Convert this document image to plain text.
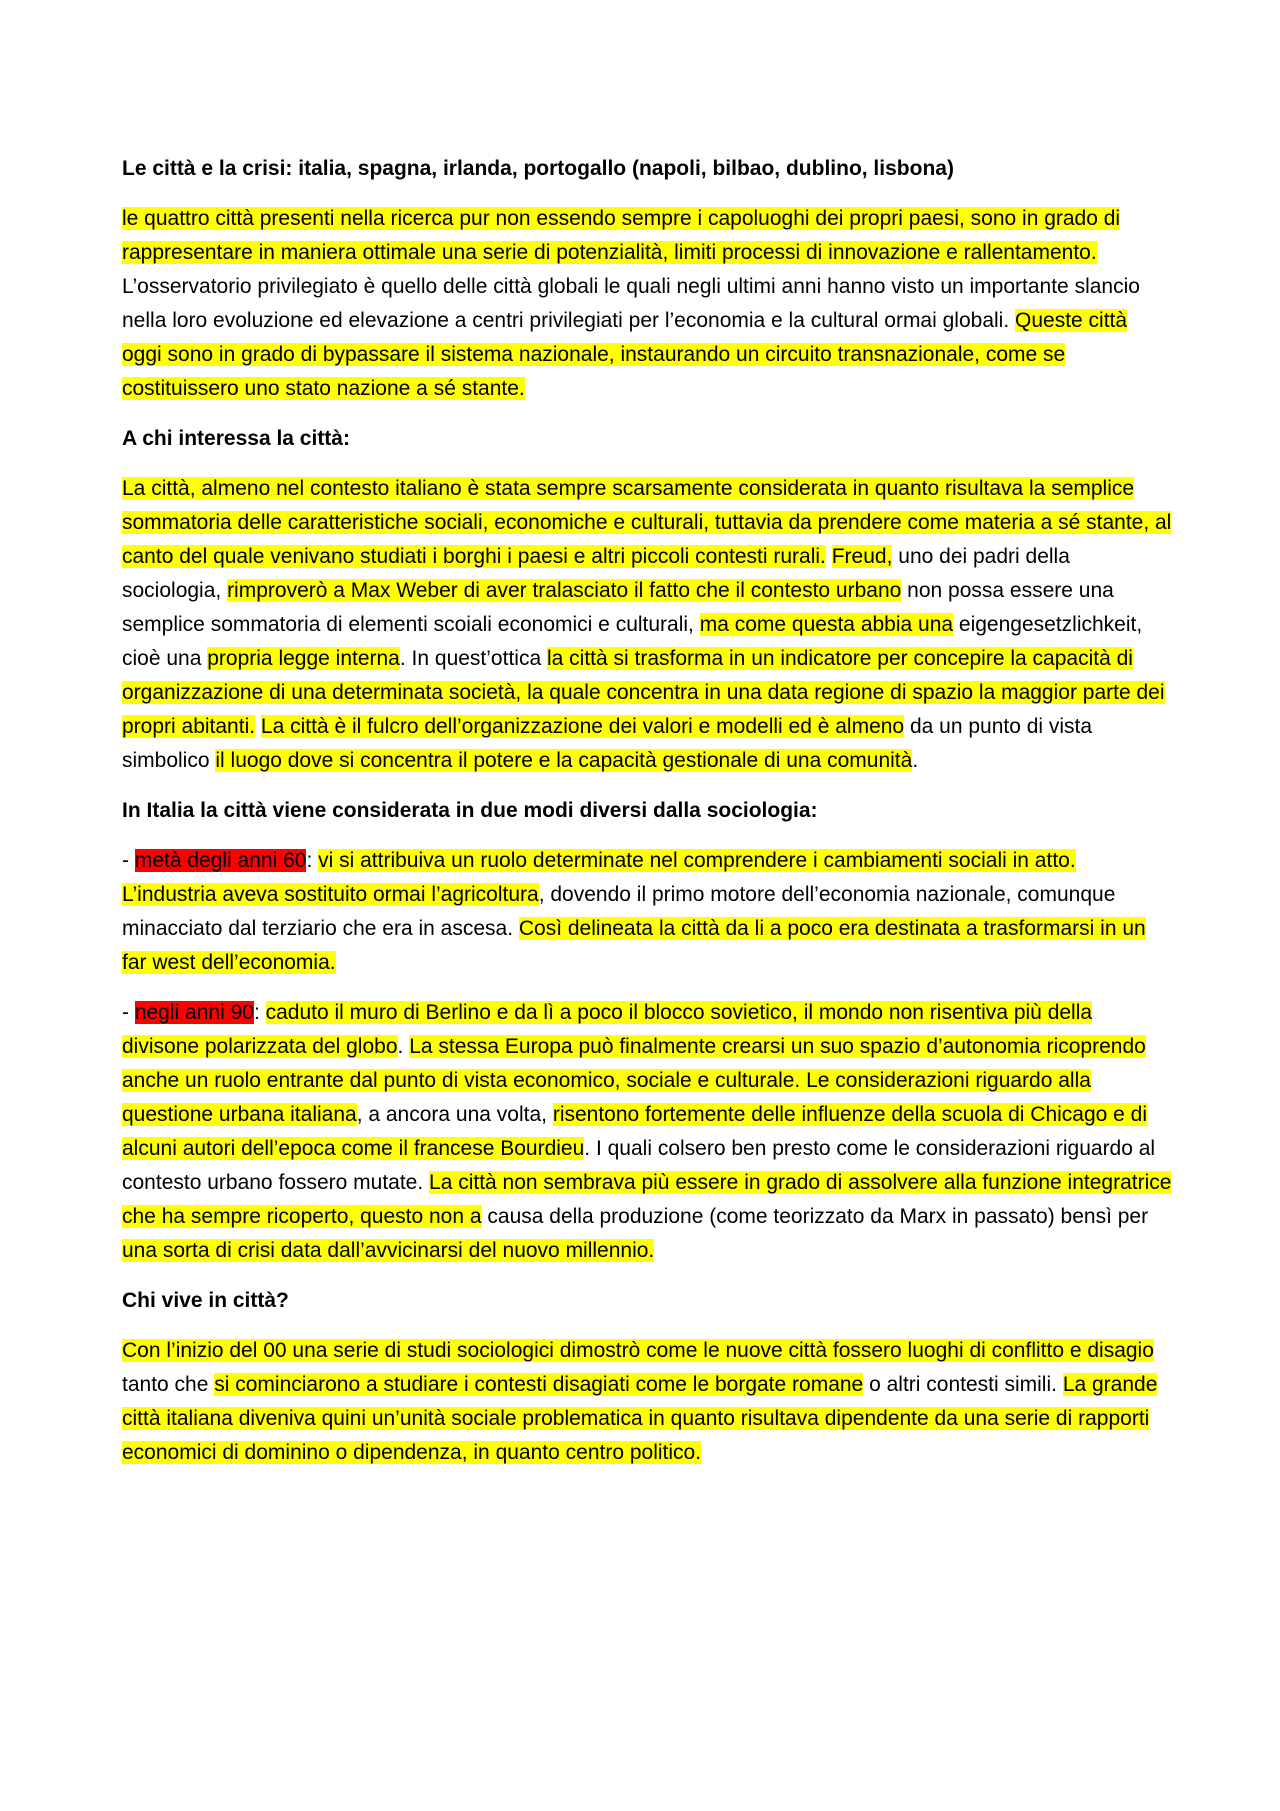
Le città e la crisi: italia, spagna, irlanda, portogallo (napoli, bilbao, dublino, lisbona)
le quattro città presenti nella ricerca pur non essendo sempre i capoluoghi dei propri paesi, sono in grado di rappresentare in maniera ottimale una serie di potenzialità, limiti processi di innovazione e rallentamento. L’osservatorio privilegiato è quello delle città globali le quali negli ultimi anni hanno visto un importante slancio nella loro evoluzione ed elevazione a centri privilegiati per l’economia e la cultural ormai globali. Queste città oggi sono in grado di bypassare il sistema nazionale, instaurando un circuito transnazionale, come se costituissero uno stato nazione a sé stante.
A chi interessa la città:
La città, almeno nel contesto italiano è stata sempre scarsamente considerata in quanto risultava la semplice sommatoria delle caratteristiche sociali, economiche e culturali, tuttavia da prendere come materia a sé stante, al canto del quale venivano studiati i borghi i paesi e altri piccoli contesti rurali. Freud, uno dei padri della sociologia, rimproverò a Max Weber di aver tralasciato il fatto che il contesto urbano non possa essere una semplice sommatoria di elementi scoiali economici e culturali, ma come questa abbia una eigengesetzlichkeit, cioè una propria legge interna. In quest’ottica la città si trasforma in un indicatore per concepire la capacità di organizzazione di una determinata società, la quale concentra in una data regione di spazio la maggior parte dei propri abitanti. La città è il fulcro dell’organizzazione dei valori e modelli ed è almeno da un punto di vista simbolico il luogo dove si concentra il potere e la capacità gestionale di una comunità.
In Italia la città viene considerata in due modi diversi dalla sociologia:
- metà degli anni 60: vi si attribuiva un ruolo determinate nel comprendere i cambiamenti sociali in atto. L’industria aveva sostituito ormai l’agricoltura, dovendo il primo motore dell’economia nazionale, comunque minacciato dal terziario che era in ascesa. Così delineata la città da li a poco era destinata a trasformarsi in un far west dell’economia.
- negli anni 90: caduto il muro di Berlino e da lì a poco il blocco sovietico, il mondo non risentiva più della divisone polarizzata del globo. La stessa Europa può finalmente crearsi un suo spazio d’autonomia ricoprendo anche un ruolo entrante dal punto di vista economico, sociale e culturale. Le considerazioni riguardo alla questione urbana italiana, a ancora una volta, risentono fortemente delle influenze della scuola di Chicago e di alcuni autori dell’epoca come il francese Bourdieu. I quali colsero ben presto come le considerazioni riguardo al contesto urbano fossero mutate. La città non sembrava più essere in grado di assolvere alla funzione integratrice che ha sempre ricoperto, questo non a causa della produzione (come teorizzato da Marx in passato) bensì per una sorta di crisi data dall’avvicinarsi del nuovo millennio.
Chi vive in città?
Con l’inizio del 00 una serie di studi sociologici dimostrò come le nuove città fossero luoghi di conflitto e disagio tanto che si cominciarono a studiare i contesti disagiati come le borgate romane o altri contesti simili. La grande città italiana diveniva quini un’unità sociale problematica in quanto risultava dipendente da una serie di rapporti economici di dominino o dipendenza, in quanto centro politico.
